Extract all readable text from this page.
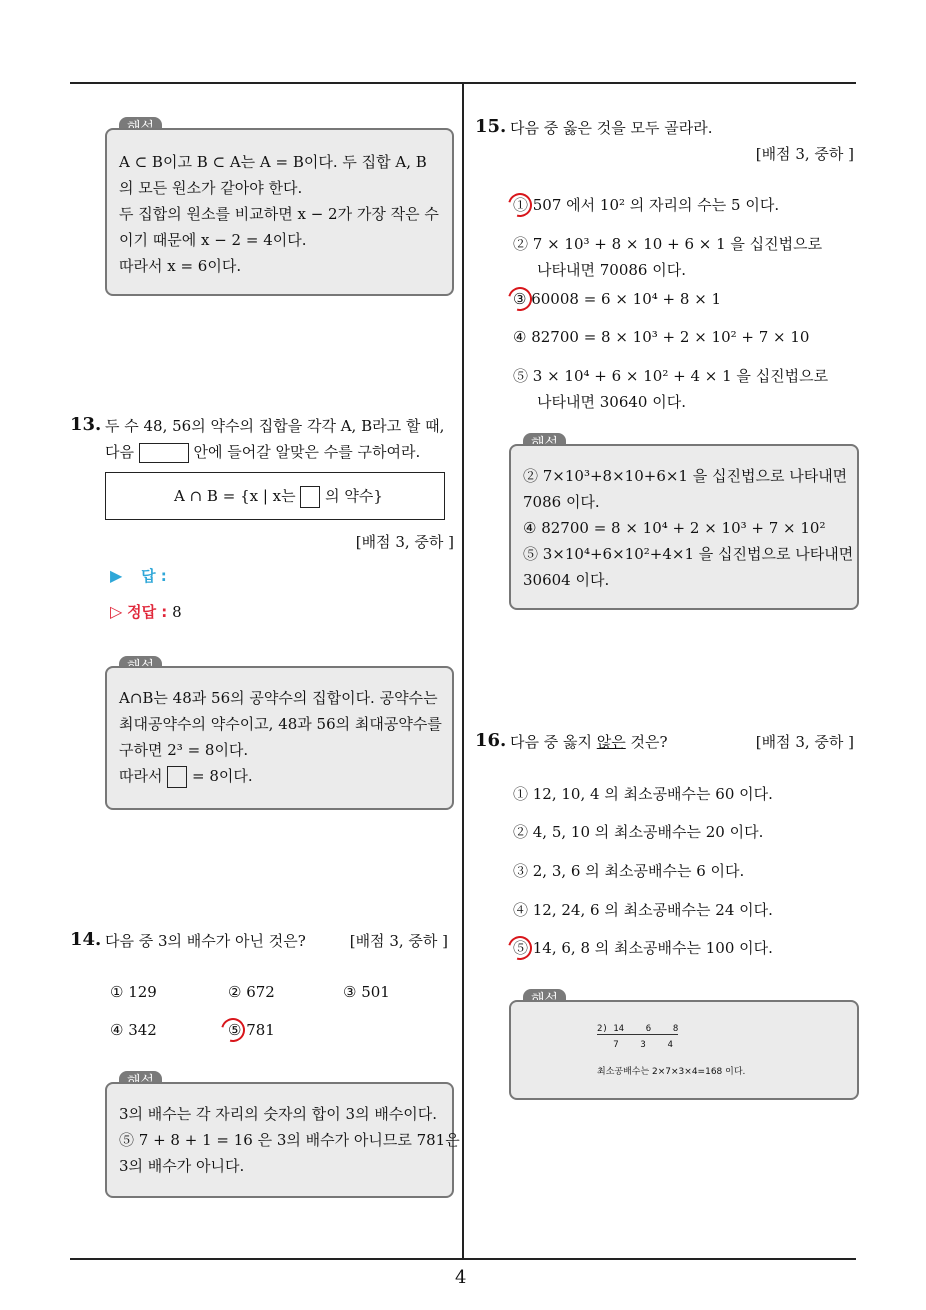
4
A ⊂ B이고 B ⊂ A는 A = B이다. 두 집합 A, B
의 모든 원소가 같아야 한다.
두 집합의 원소를 비교하면 x − 2가 가장 작은 수
이기 때문에 x − 2 = 4이다.
따라서 x = 6이다.
13. 두 수 48, 56의 약수의 집합을 각각 A, B라고 할 때,
다음	안에 들어갈 알맞은 수를 구하여라.
A ∩ B = {x | x는 의 약수}
[배점 3, 중하 ]
▶ 답 :
▷ 정답 : 8
A∩B는 48과 56의 공약수의 집합이다. 공약수는
최대공약수의 약수이고, 48과 56의 최대공약수를
구하면 2³ = 8이다.
따라서 = 8이다.
14. 다음 중 3의 배수가 아닌 것은?	[배점 3, 중하 ]
① 129	② 672	③ 501
④ 342	⑤ 781
3의 배수는 각 자리의 숫자의 합이 3의 배수이다.
⑤ 7 + 8 + 1 = 16 은 3의 배수가 아니므로 781은
3의 배수가 아니다.
15. 다음 중 옳은 것을 모두 골라라.
[배점 3, 중하 ]
① 507 에서 10² 의 자리의 수는 5 이다.
② 7 × 10³ + 8 × 10 + 6 × 1 을 십진법으로
나타내면 70086 이다.
③ 60008 = 6 × 10⁴ + 8 × 1
④ 82700 = 8 × 10³ + 2 × 10² + 7 × 10
⑤ 3 × 10⁴ + 6 × 10² + 4 × 1 을 십진법으로
나타내면 30640 이다.
② 7×10³+8×10+6×1 을 십진법으로 나타내면
7086 이다.
④ 82700 = 8 × 10⁴ + 2 × 10³ + 7 × 10²
⑤ 3×10⁴+6×10²+4×1 을 십진법으로 나타내면
30604 이다.
16. 다음 중 옳지 않은 것은?	[배점 3, 중하 ]
① 12, 10, 4 의 최소공배수는 60 이다.
② 4, 5, 10 의 최소공배수는 20 이다.
③ 2, 3, 6 의 최소공배수는 6 이다.
④ 12, 24, 6 의 최소공배수는 24 이다.
⑤ 14, 6, 8 의 최소공배수는 100 이다.
2) 14    6    8
7    3    4
최소공배수는 2×7×3×4=168 이다.
